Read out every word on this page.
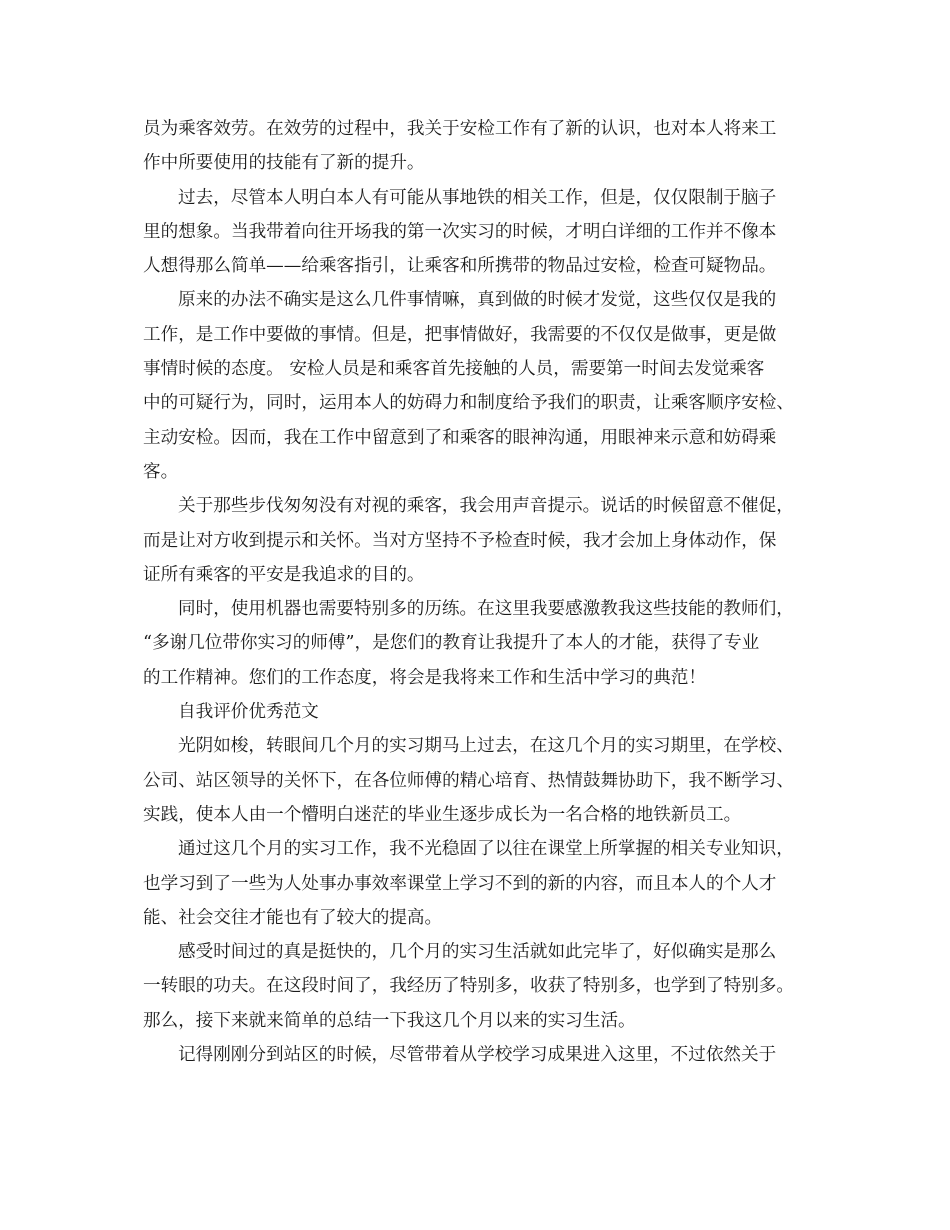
员为乘客效劳。在效劳的过程中，我关于安检工作有了新的认识，也对本人将来工
作中所要使用的技能有了新的提升。
过去，尽管本人明白本人有可能从事地铁的相关工作，但是，仅仅限制于脑子
里的想象。当我带着向往开场我的第一次实习的时候，才明白详细的工作并不像本
人想得那么简单——给乘客指引，让乘客和所携带的物品过安检，检查可疑物品。
原来的办法不确实是这么几件事情嘛，真到做的时候才发觉，这些仅仅是我的
工作，是工作中要做的事情。但是，把事情做好，我需要的不仅仅是做事，更是做
事情时候的态度。 安检人员是和乘客首先接触的人员，需要第一时间去发觉乘客
中的可疑行为，同时，运用本人的妨碍力和制度给予我们的职责，让乘客顺序安检、
主动安检。因而，我在工作中留意到了和乘客的眼神沟通，用眼神来示意和妨碍乘
客。
关于那些步伐匆匆没有对视的乘客，我会用声音提示。说话的时候留意不催促，
而是让对方收到提示和关怀。当对方坚持不予检查时候，我才会加上身体动作，保
证所有乘客的平安是我追求的目的。
同时，使用机器也需要特别多的历练。在这里我要感激教我这些技能的教师们，
“多谢几位带你实习的师傅”，是您们的教育让我提升了本人的才能，获得了专业
的工作精神。您们的工作态度，将会是我将来工作和生活中学习的典范！
自我评价优秀范文
光阴如梭，转眼间几个月的实习期马上过去，在这几个月的实习期里，在学校、
公司、站区领导的关怀下，在各位师傅的精心培育、热情鼓舞协助下，我不断学习、
实践，使本人由一个懵明白迷茫的毕业生逐步成长为一名合格的地铁新员工。
通过这几个月的实习工作，我不光稳固了以往在课堂上所掌握的相关专业知识，
也学习到了一些为人处事办事效率课堂上学习不到的新的内容，而且本人的个人才
能、社会交往才能也有了较大的提高。
感受时间过的真是挺快的，几个月的实习生活就如此完毕了，好似确实是那么
一转眼的功夫。在这段时间了，我经历了特别多，收获了特别多，也学到了特别多。
那么，接下来就来简单的总结一下我这几个月以来的实习生活。
记得刚刚分到站区的时候，尽管带着从学校学习成果进入这里，不过依然关于
